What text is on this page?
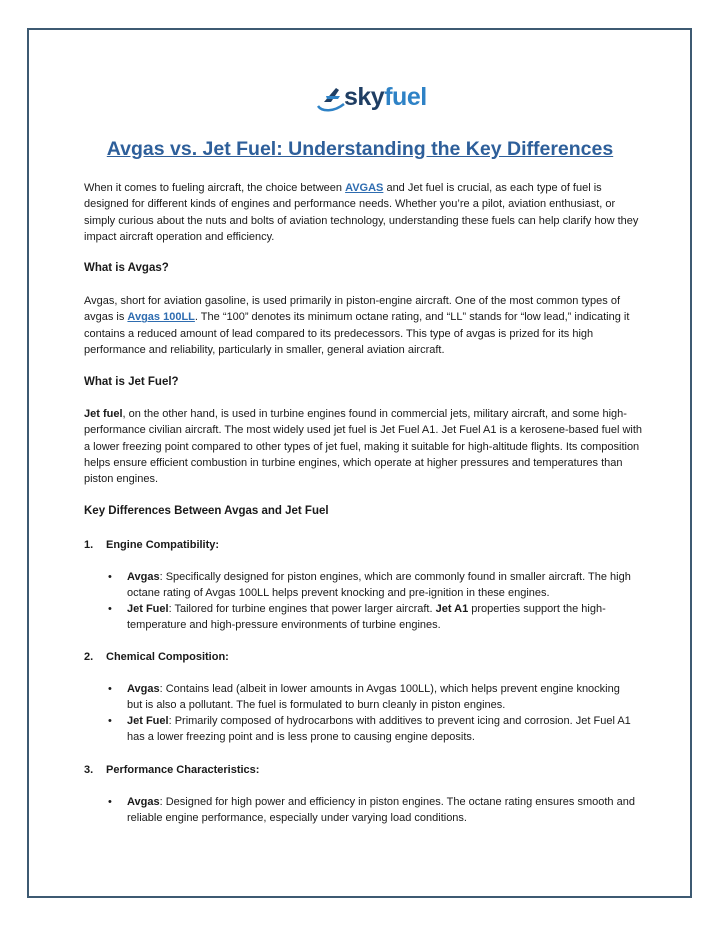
skyfuel
Avgas vs. Jet Fuel: Understanding the Key Differences
When it comes to fueling aircraft, the choice between AVGAS and Jet fuel is crucial, as each type of fuel is designed for different kinds of engines and performance needs. Whether you’re a pilot, aviation enthusiast, or simply curious about the nuts and bolts of aviation technology, understanding these fuels can help clarify how they impact aircraft operation and efficiency.
What is Avgas?
Avgas, short for aviation gasoline, is used primarily in piston-engine aircraft. One of the most common types of avgas is Avgas 100LL. The “100” denotes its minimum octane rating, and “LL” stands for “low lead,” indicating it contains a reduced amount of lead compared to its predecessors. This type of avgas is prized for its high performance and reliability, particularly in smaller, general aviation aircraft.
What is Jet Fuel?
Jet fuel, on the other hand, is used in turbine engines found in commercial jets, military aircraft, and some high-performance civilian aircraft. The most widely used jet fuel is Jet Fuel A1. Jet Fuel A1 is a kerosene-based fuel with a lower freezing point compared to other types of jet fuel, making it suitable for high-altitude flights. Its composition helps ensure efficient combustion in turbine engines, which operate at higher pressures and temperatures than piston engines.
Key Differences Between Avgas and Jet Fuel
1. Engine Compatibility:
•	Avgas: Specifically designed for piston engines, which are commonly found in smaller aircraft. The high octane rating of Avgas 100LL helps prevent knocking and pre-ignition in these engines.
•	Jet Fuel: Tailored for turbine engines that power larger aircraft. Jet A1 properties support the high-temperature and high-pressure environments of turbine engines.
2. Chemical Composition:
•	Avgas: Contains lead (albeit in lower amounts in Avgas 100LL), which helps prevent engine knocking but is also a pollutant. The fuel is formulated to burn cleanly in piston engines.
•	Jet Fuel: Primarily composed of hydrocarbons with additives to prevent icing and corrosion. Jet Fuel A1 has a lower freezing point and is less prone to causing engine deposits.
3. Performance Characteristics:
•	Avgas: Designed for high power and efficiency in piston engines. The octane rating ensures smooth and reliable engine performance, especially under varying load conditions.
